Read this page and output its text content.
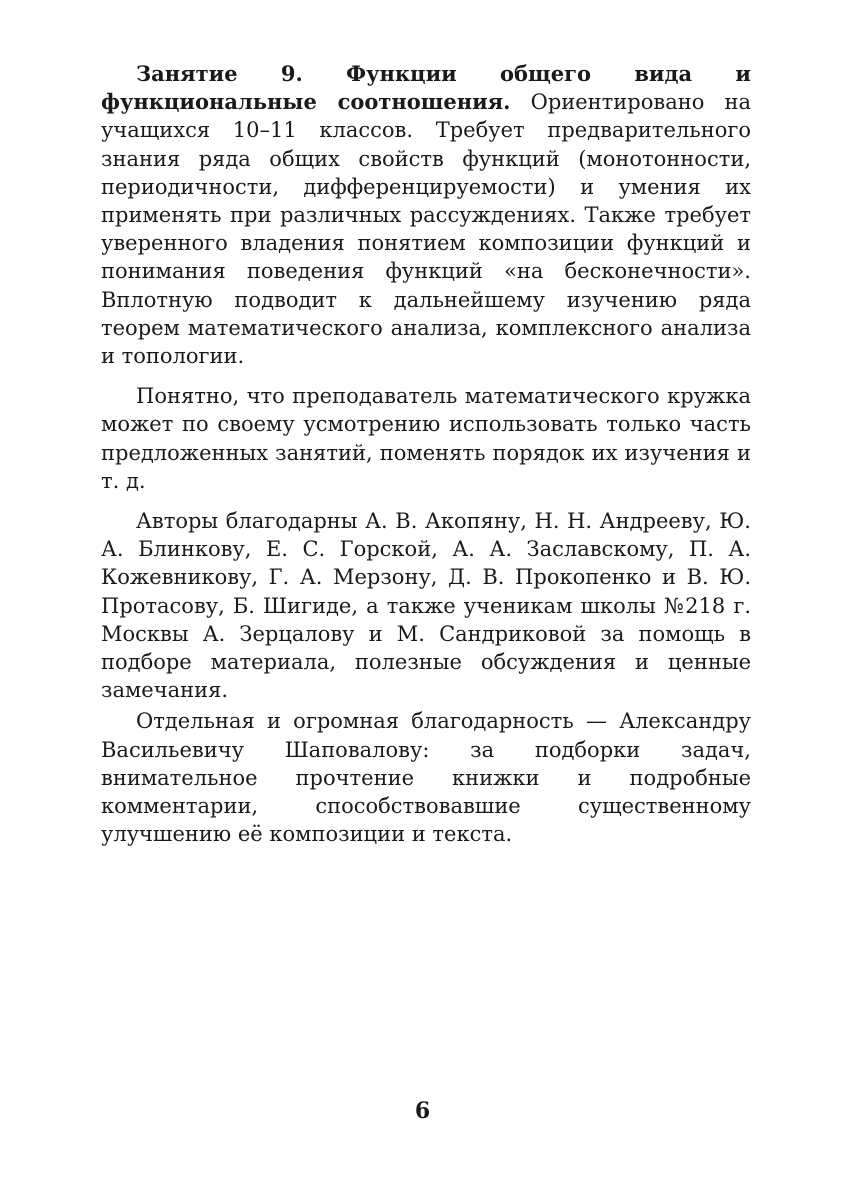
Занятие 9. Функции общего вида и функциональные соотношения. Ориентировано на учащихся 10–11 классов. Требует предварительного знания ряда общих свойств функций (монотонности, периодичности, дифференцируемости) и умения их применять при различных рассуждениях. Также требует уверенного владения понятием композиции функций и понимания поведения функций «на бесконечности». Вплотную подводит к дальнейшему изучению ряда теорем математического анализа, комплексного анализа и топологии.

Понятно, что преподаватель математического кружка может по своему усмотрению использовать только часть предложенных занятий, поменять порядок их изучения и т. д.

Авторы благодарны А. В. Акопяну, Н. Н. Андрееву, Ю. А. Блинкову, Е. С. Горской, А. А. Заславскому, П. А. Кожевникову, Г. А. Мерзону, Д. В. Прокопенко и В. Ю. Протасову, Б. Шигиде, а также ученикам школы №218 г. Москвы А. Зерцалову и М. Сандриковой за помощь в подборе материала, полезные обсуждения и ценные замечания.

Отдельная и огромная благодарность — Александру Васильевичу Шаповалову: за подборки задач, внимательное прочтение книжки и подробные комментарии, способствовавшие существенному улучшению её композиции и текста.

6
